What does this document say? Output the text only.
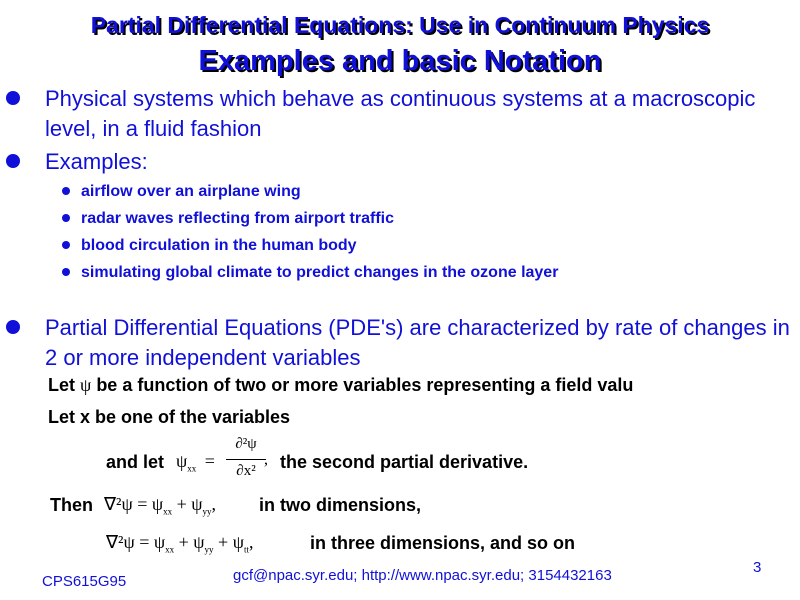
Partial Differential Equations: Use in Continuum Physics
Examples and basic Notation
Physical systems which behave as continuous systems at a macroscopic level, in a fluid fashion
Examples:
airflow over an airplane wing
radar waves reflecting from airport traffic
blood circulation in the human body
simulating global climate to predict changes in the ozone layer
Partial Differential Equations (PDE's) are characterized by rate of changes in 2 or more independent variables
Let ψ be a function of two or more variables representing a field valu
Let x be one of the variables
and let $\psi_{xx}$ =
∂²ψ
∂x²
, the second partial derivative.
Then $\nabla^2\psi = \psi_{xx} + \psi_{yy}$, in two dimensions,
$\nabla^2\psi = \psi_{xx} + \psi_{yy} + \psi_{tt}$,	in three dimensions, and so on
CPS615G95	gcf@npac.syr.edu; http://www.npac.syr.edu; 3154432163	3
